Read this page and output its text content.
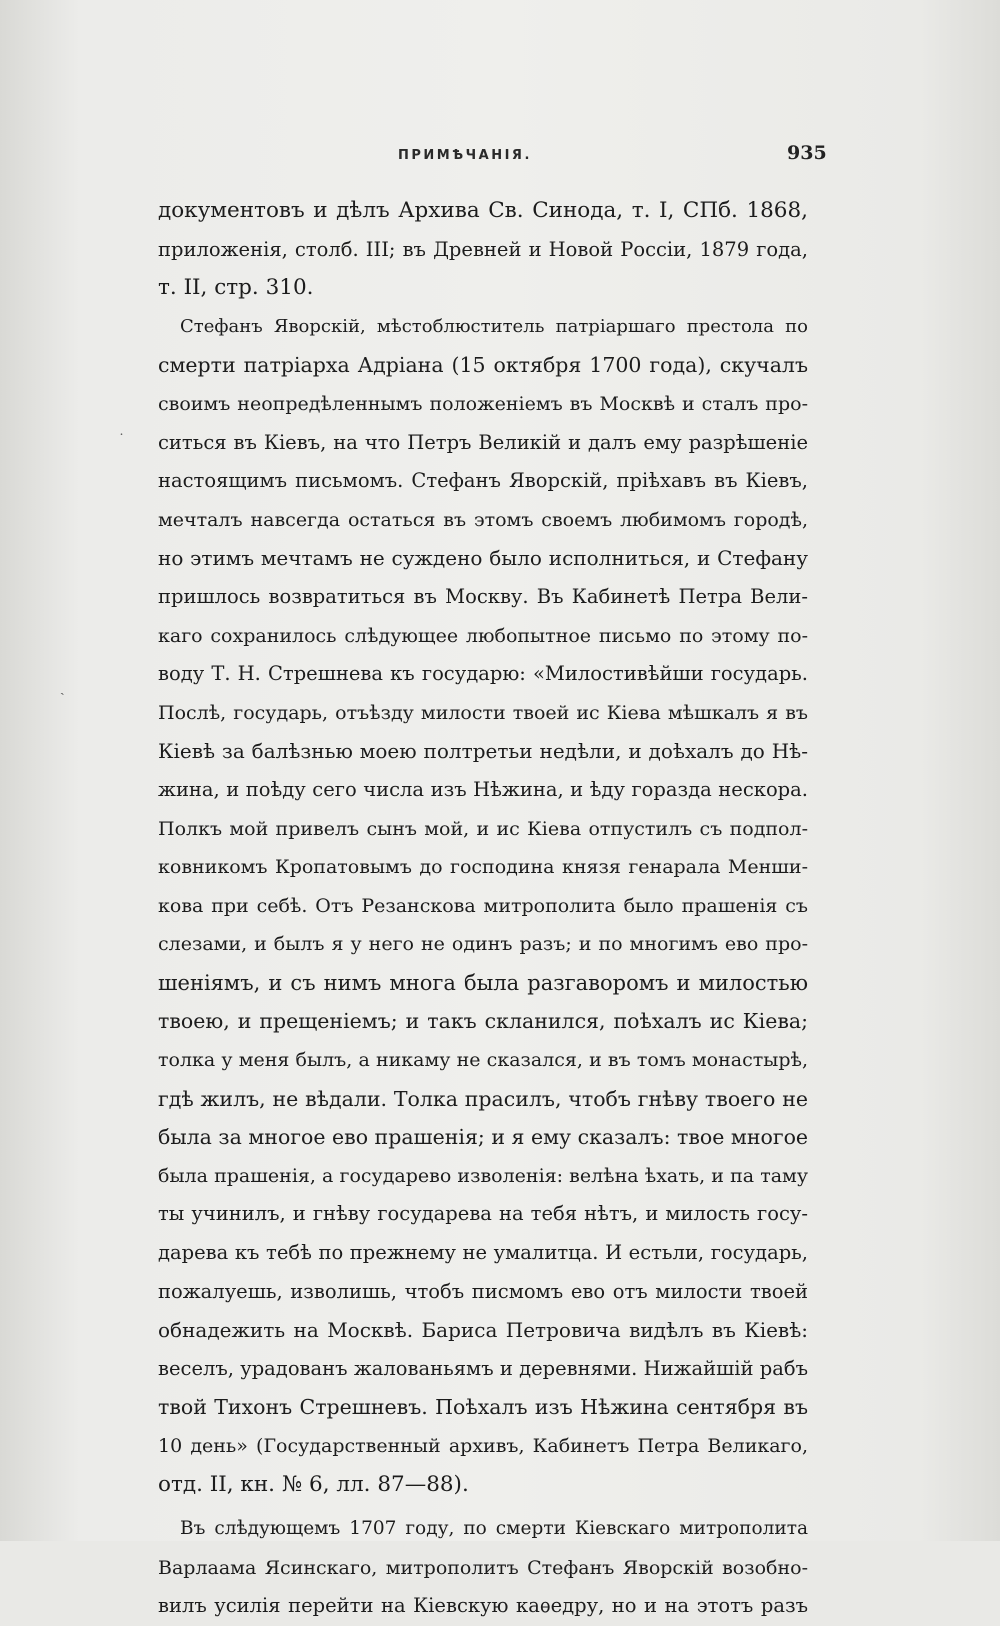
ПРИМѢЧАНІЯ.	935
˙
ˎ
документовъ и дѣлъ Архива Св. Синода, т. I, СПб. 1868,
приложенія, столб. III; въ Древней и Новой Россіи, 1879 года,
т. II, стр. 310.
Стефанъ Яворскій, мѣстоблюститель патріаршаго престола по
смерти патріарха Адріана (15 октября 1700 года), скучалъ
своимъ неопредѣленнымъ положеніемъ въ Москвѣ и сталъ про-
ситься въ Кіевъ, на что Петръ Великій и далъ ему разрѣшеніе
настоящимъ письмомъ. Стефанъ Яворскій, пріѣхавъ въ Кіевъ,
мечталъ навсегда остаться въ этомъ своемъ любимомъ городѣ,
но этимъ мечтамъ не суждено было исполниться, и Стефану
пришлось возвратиться въ Москву. Въ Кабинетѣ Петра Вели-
каго сохранилось слѣдующее любопытное письмо по этому по-
воду Т. Н. Стрешнева къ государю: «Милостивѣйши государь.
Послѣ, государь, отъѣзду милости твоей ис Кіева мѣшкалъ я въ
Кіевѣ за балѣзнью моею полтретьи недѣли, и доѣхалъ до Нѣ-
жина, и поѣду сего числа изъ Нѣжина, и ѣду горазда нескора.
Полкъ мой привелъ сынъ мой, и ис Кіева отпустилъ съ подпол-
ковникомъ Кропатовымъ до господина князя генарала Менши-
кова при себѣ. Отъ Резанскова митрополита было прашенія съ
слезами, и былъ я у него не одинъ разъ; и по многимъ ево про-
шеніямъ, и съ нимъ многа была разгаворомъ и милостью
твоею, и прещеніемъ; и такъ скланился, поѣхалъ ис Кіева;
толка у меня былъ, а никаму не сказался, и въ томъ монастырѣ,
гдѣ жилъ, не вѣдали. Толка прасилъ, чтобъ гнѣву твоего не
была за многое ево прашенія; и я ему сказалъ: твое многое
была прашенія, а государево изволенія: велѣна ѣхать, и па таму
ты учинилъ, и гнѣву государева на тебя нѣтъ, и милость госу-
дарева къ тебѣ по прежнему не умалитца. И естьли, государь,
пожалуешь, изволишь, чтобъ писмомъ ево отъ милости твоей
обнадежить на Москвѣ. Бариса Петровича видѣлъ въ Кіевѣ:
веселъ, урадованъ жалованьямъ и деревнями. Нижайшій рабъ
твой Тихонъ Стрешневъ. Поѣхалъ изъ Нѣжина сентября въ
10 день» (Государственный архивъ, Кабинетъ Петра Великаго,
отд. II, кн. № 6, лл. 87—88).
Въ слѣдующемъ 1707 году, по смерти Кіевскаго митрополита
Варлаама Ясинскаго, митрополитъ Стефанъ Яворскій возобно-
вилъ усилія перейти на Кіевскую каѳедру, но и на этотъ разъ
